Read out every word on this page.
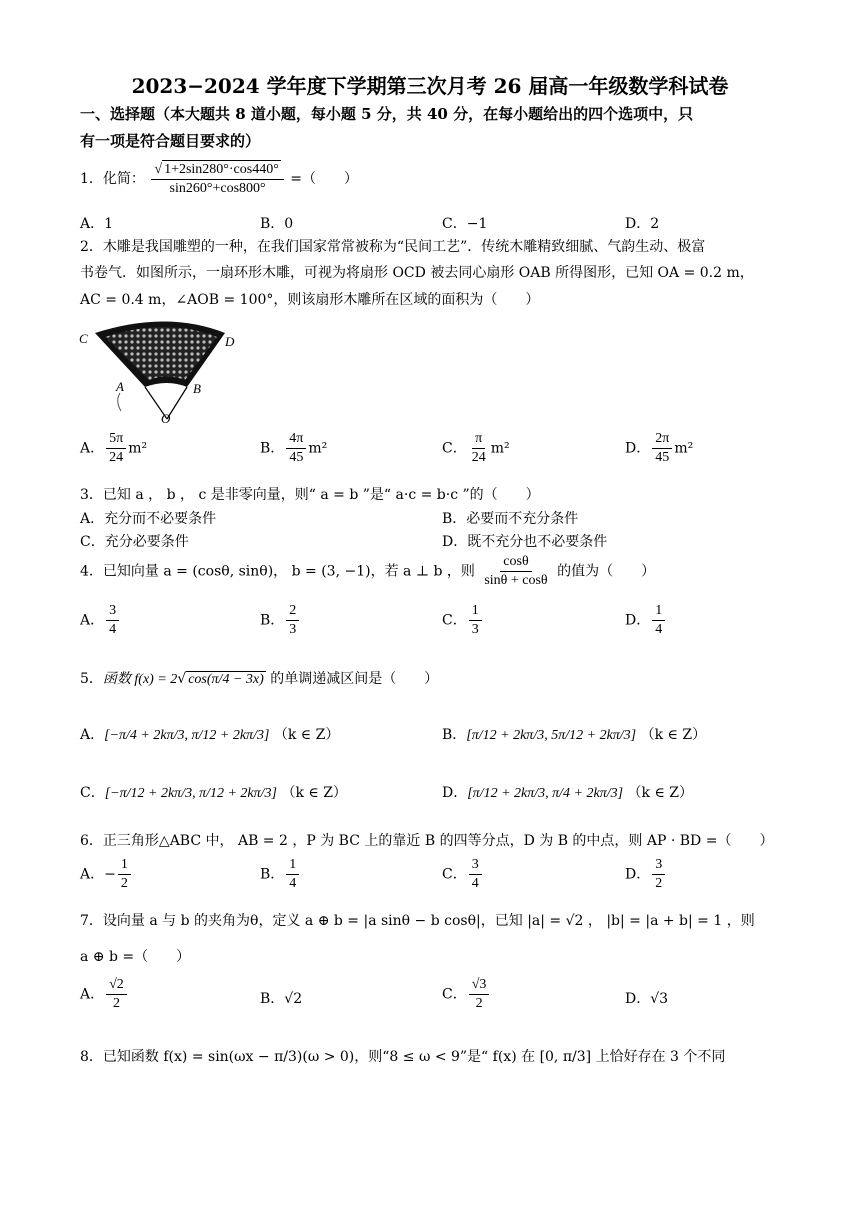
2023−2024 学年度下学期第三次月考 26 届高一年级数学科试卷
一、选择题（本大题共 8 道小题，每小题 5 分，共 40 分，在每小题给出的四个选项中，只
有一项是符合题目要求的）
1．化简： $\frac{√ 1+2\sin 280^\circ\cdot\cos 440^\circ}{\sin 260^\circ+\cos 800^\circ}$ =（　　）
A．1	B．0	C．−1	D．2
2．木雕是我国雕塑的一种，在我们国家常常被称为“民间工艺”．传统木雕精致细腻、气韵生动、极富
书卷气．如图所示，一扇环形木雕，可视为将扇形 OCD 被去同心扇形 OAB 所得图形，已知 OA = 0.2 m，
AC = 0.4 m，∠AOB = 100°，则该扇形木雕所在区域的面积为（　　）
C	D
A	B
O
A． $\frac{5\pi}{24} m^2$	B． $\frac{4\pi}{45} m^2$	C． $\frac{\pi}{24} m^2$	D． $\frac{2\pi}{45} m^2$
3．已知 a ， b ， c 是非零向量，则“ a = b ”是“ a·c = b·c ”的（　　）
A．充分而不必要条件	B．必要而不充分条件
C．充分必要条件	D．既不充分也不必要条件
4．已知向量 a = (cosθ, sinθ)， b = (3, −1)，若 a ⊥ b ，则 $\frac{\cos\theta}{\sin\theta + \cos\theta}$ 的值为（　　）
A． $\frac{3}{4}$	B． $\frac{2}{3}$	C． $\frac{1}{3}$	D． $\frac{1}{4}$
5．函数 f(x) = 2√ cos(π/4 − 3x) 的单调递减区间是（　　）
A．[−π/4 + 2kπ/3, π/12 + 2kπ/3] （k ∈ Z）	B．[π/12 + 2kπ/3, 5π/12 + 2kπ/3] （k ∈ Z）
C．[−π/12 + 2kπ/3, π/12 + 2kπ/3] （k ∈ Z）	D．[π/12 + 2kπ/3, π/4 + 2kπ/3] （k ∈ Z）
6．正三角形△ABC 中， AB = 2 ，P 为 BC 上的靠近 B 的四等分点，D 为 B 的中点，则 AP · BD =（　　）
A．− $\frac{1}{2}$	B． $\frac{1}{4}$	C． $\frac{3}{4}$	D． $\frac{3}{2}$
7．设向量 a 与 b 的夹角为θ，定义 a ⊕ b = |a sinθ − b cosθ|，已知 |a| = √2 ， |b| = |a + b| = 1 ，则
a ⊕ b =（　　）
A． $\frac{√2}{2}$	B．√2	C． $\frac{√3}{2}$	D．√3
8．已知函数 f(x) = sin(ωx − π/3)(ω > 0)，则“8 ≤ ω < 9”是“ f(x) 在 [0, π/3] 上恰好存在 3 个不同
